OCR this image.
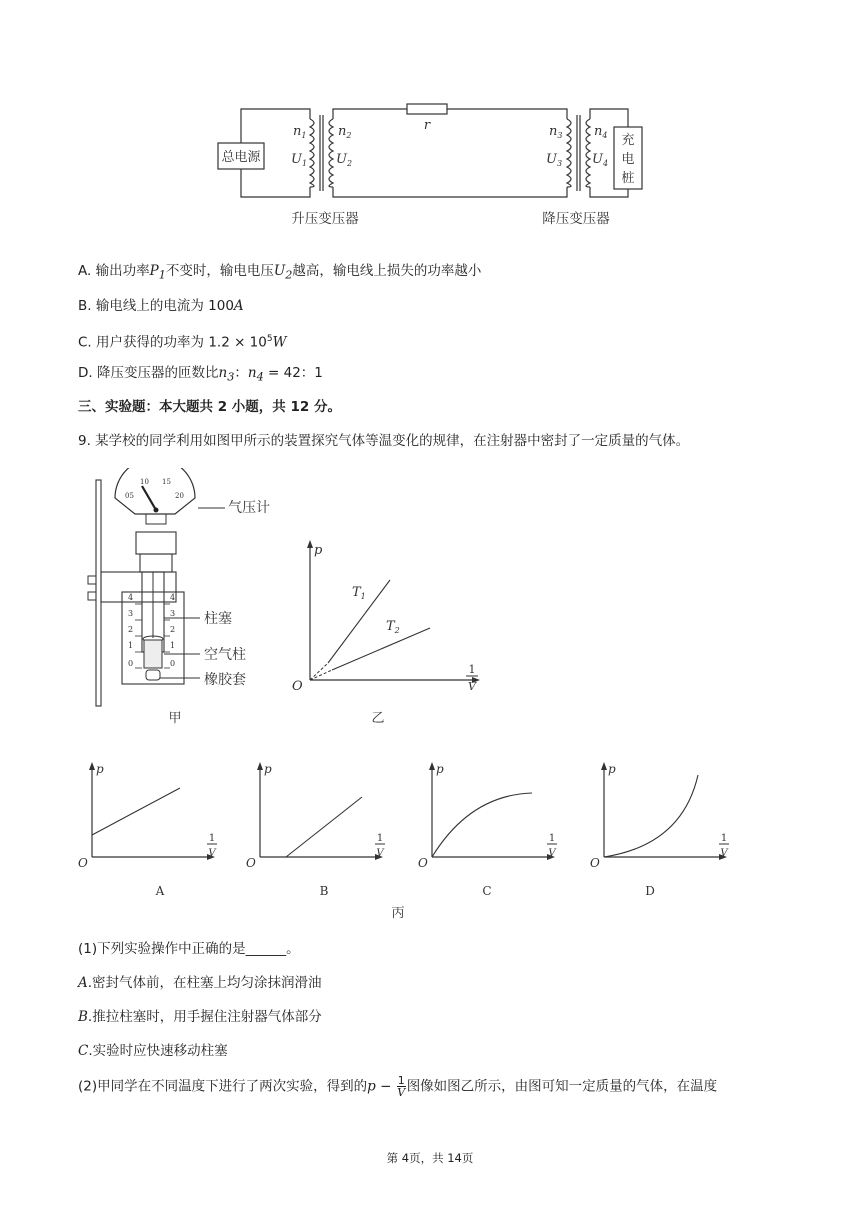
总电源
r
充
电
桩
$n_1$
$U_1$
$n_2$
$U_2$
$n_3$
$U_3$
$n_4$
$U_4$
升压变压器	降压变压器
A. 输出功率$P_1$不变时，输电电压$U_2$越高，输电线上损失的功率越小
B. 输电线上的电流为 100A
C. 用户获得的功率为 $1.2 \times 10^5W$
D. 降压变压器的匝数比$n_3$：$n_4 = 42$：1
三、实验题：本大题共 2 小题，共 12 分。
9. 某学校的同学利用如图甲所示的装置探究气体等温变化的规律，在注射器中密封了一定质量的气体。
05
10 15
20
气压计
4
3
2
1
0
4
3
2
1
0
柱塞
空气柱
橡胶套
甲
p
O
1
V
$T_1$
$T_2$
乙
p
O
1
V
A
p
O
1
V
B
p
O
1
V
C
p
O
1
V
D
丙
(1)下列实验操作中正确的是______。
A.密封气体前，在柱塞上均匀涂抹润滑油
B.推拉柱塞时，用手握住注射器气体部分
C.实验时应快速移动柱塞
(2)甲同学在不同温度下进行了两次实验，得到的$p - \frac{1}{V}$ 图像如图乙所示，由图可知一定质量的气体，在温度
第 4页，共 14页
